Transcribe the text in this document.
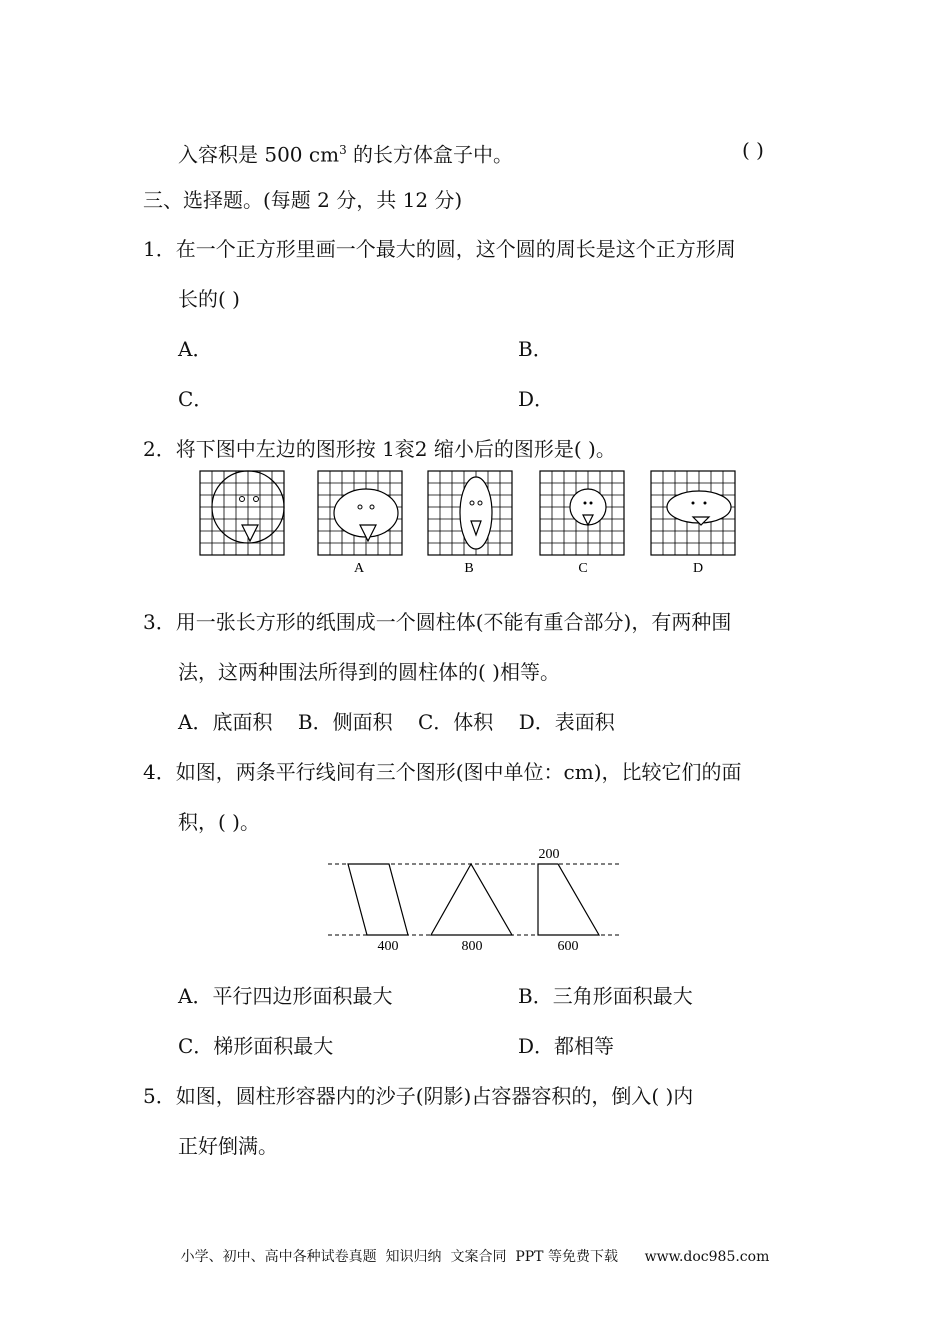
入容积是 500 $cm^3$ 的长方体盒子中。	( )
三、选择题。(每题 2 分，共 12 分)
1．在一个正方形里画一个最大的圆，这个圆的周长是这个正方形周
长的( )
A．	B．
C．	D．
2．将下图中左边的图形按 1衮2 缩小后的图形是( )。
A	B	C	D
3．用一张长方形的纸围成一个圆柱体(不能有重合部分)，有两种围
法，这两种围法所得到的圆柱体的( )相等。
A．底面积    B．侧面积    C．体积    D．表面积
4．如图，两条平行线间有三个图形(图中单位：cm)，比较它们的面
积，( )。
200
400	800	600
A．平行四边形面积最大	B．三角形面积最大
C．梯形面积最大	D．都相等
5．如图，圆柱形容器内的沙子(阴影)占容器容积的，倒入( )内
正好倒满。
小学、初中、高中各种试卷真题  知识归纳  文案合同  PPT 等免费下载      www.doc985.com
